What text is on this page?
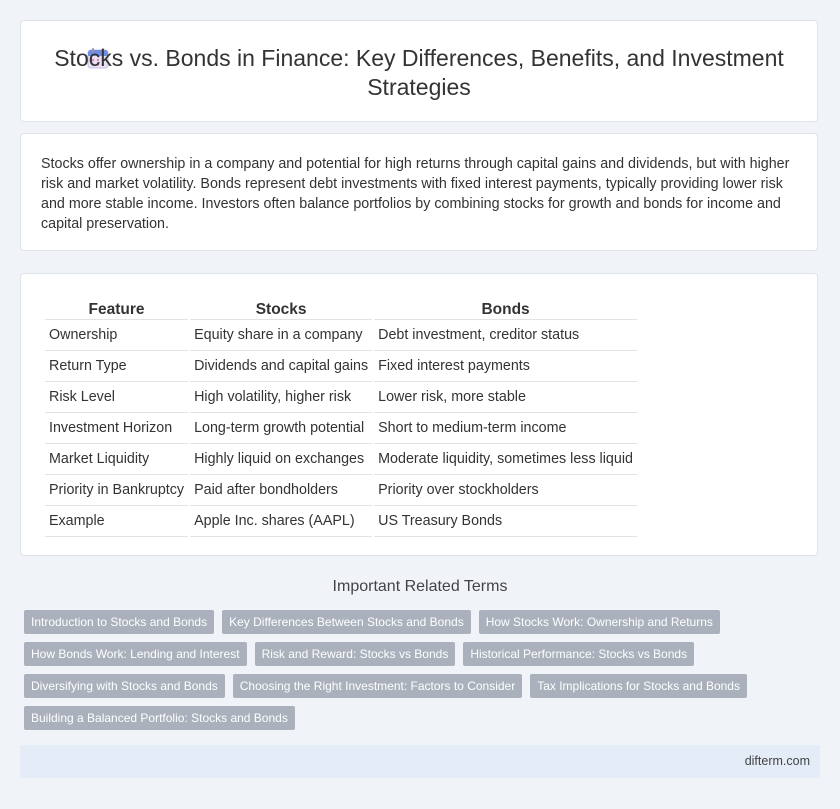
Stocks vs. Bonds in Finance: Key Differences, Benefits, and Investment Strategies

Stocks offer ownership in a company and potential for high returns through capital gains and dividends, but with higher risk and market volatility. Bonds represent debt investments with fixed interest payments, typically providing lower risk and more stable income. Investors often balance portfolios by combining stocks for growth and bonds for income and capital preservation.

Feature	Stocks	Bonds
Ownership	Equity share in a company	Debt investment, creditor status
Return Type	Dividends and capital gains	Fixed interest payments
Risk Level	High volatility, higher risk	Lower risk, more stable
Investment Horizon	Long-term growth potential	Short to medium-term income
Market Liquidity	Highly liquid on exchanges	Moderate liquidity, sometimes less liquid
Priority in Bankruptcy	Paid after bondholders	Priority over stockholders
Example	Apple Inc. shares (AAPL)	US Treasury Bonds
Important Related Terms
Introduction to Stocks and Bonds	Key Differences Between Stocks and Bonds	How Stocks Work: Ownership and Returns
How Bonds Work: Lending and Interest	Risk and Reward: Stocks vs Bonds	Historical Performance: Stocks vs Bonds
Diversifying with Stocks and Bonds	Choosing the Right Investment: Factors to Consider	Tax Implications for Stocks and Bonds
Building a Balanced Portfolio: Stocks and Bonds
difterm.com
